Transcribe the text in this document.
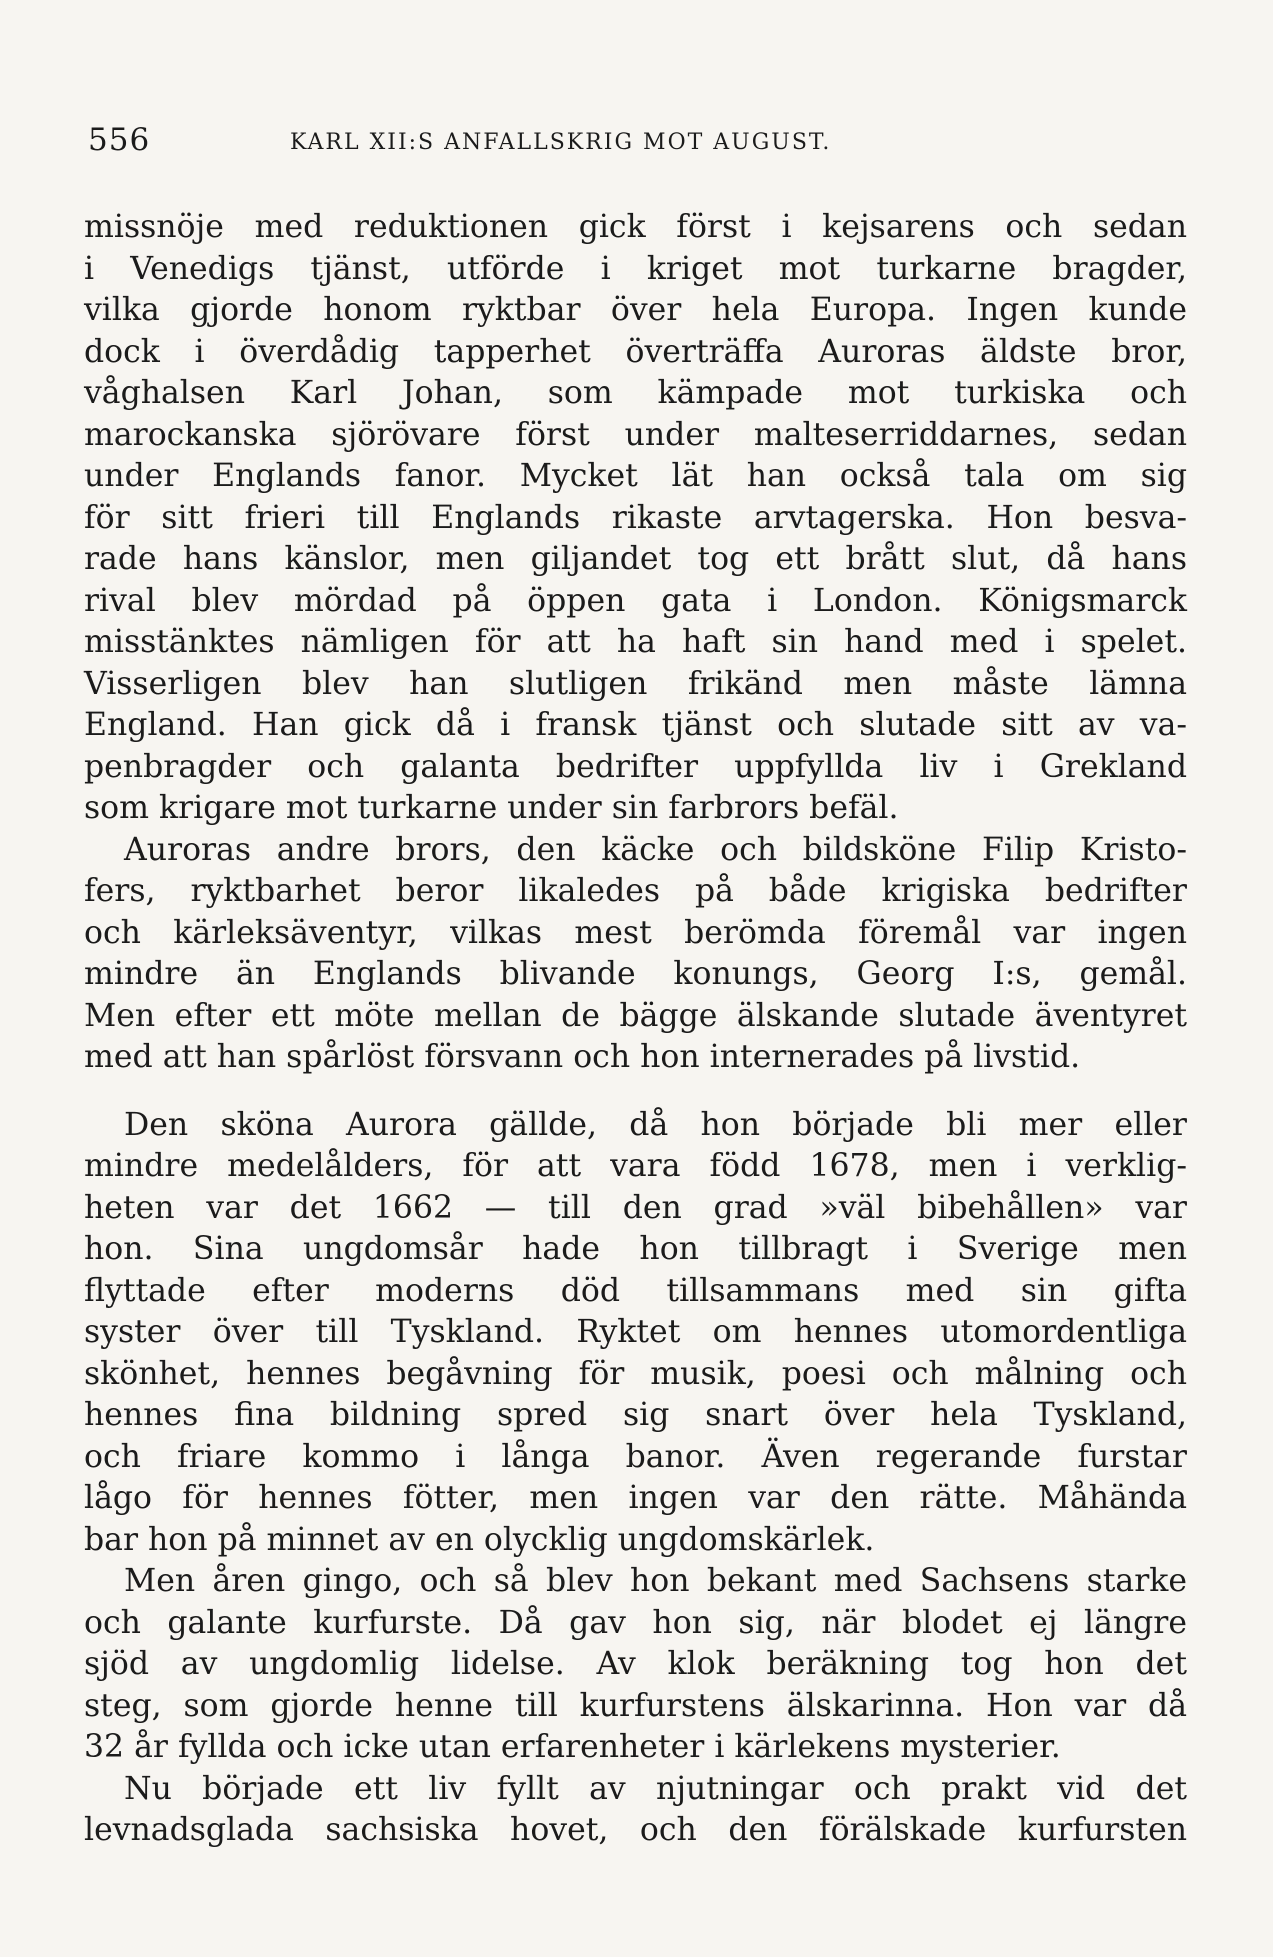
556	KARL XII:S ANFALLSKRIG MOT AUGUST.
missnöje med reduktionen gick först i kejsarens och sedan
i Venedigs tjänst, utförde i kriget mot turkarne bragder,
vilka gjorde honom ryktbar över hela Europa. Ingen kunde
dock i överdådig tapperhet överträffa Auroras äldste bror,
våghalsen Karl Johan, som kämpade mot turkiska och
marockanska sjörövare först under malteserriddarnes, sedan
under Englands fanor. Mycket lät han också tala om sig
för sitt frieri till Englands rikaste arvtagerska. Hon besva-
rade hans känslor, men giljandet tog ett brått slut, då hans
rival blev mördad på öppen gata i London. Königsmarck
misstänktes nämligen för att ha haft sin hand med i spelet.
Visserligen blev han slutligen frikänd men måste lämna
England. Han gick då i fransk tjänst och slutade sitt av va-
penbragder och galanta bedrifter uppfyllda liv i Grekland
som krigare mot turkarne under sin farbrors befäl.
Auroras andre brors, den käcke och bildsköne Filip Kristo-
fers, ryktbarhet beror likaledes på både krigiska bedrifter
och kärleksäventyr, vilkas mest berömda föremål var ingen
mindre än Englands blivande konungs, Georg I:s, gemål.
Men efter ett möte mellan de bägge älskande slutade äventyret
med att han spårlöst försvann och hon internerades på livstid.
Den sköna Aurora gällde, då hon började bli mer eller
mindre medelålders, för att vara född 1678, men i verklig-
heten var det 1662 — till den grad »väl bibehållen» var
hon. Sina ungdomsår hade hon tillbragt i Sverige men
flyttade efter moderns död tillsammans med sin gifta
syster över till Tyskland. Ryktet om hennes utomordentliga
skönhet, hennes begåvning för musik, poesi och målning och
hennes fina bildning spred sig snart över hela Tyskland,
och friare kommo i långa banor. Även regerande furstar
lågo för hennes fötter, men ingen var den rätte. Måhända
bar hon på minnet av en olycklig ungdomskärlek.
Men åren gingo, och så blev hon bekant med Sachsens starke
och galante kurfurste. Då gav hon sig, när blodet ej längre
sjöd av ungdomlig lidelse. Av klok beräkning tog hon det
steg, som gjorde henne till kurfurstens älskarinna. Hon var då
32 år fyllda och icke utan erfarenheter i kärlekens mysterier.
Nu började ett liv fyllt av njutningar och prakt vid det
levnadsglada sachsiska hovet, och den förälskade kurfursten
